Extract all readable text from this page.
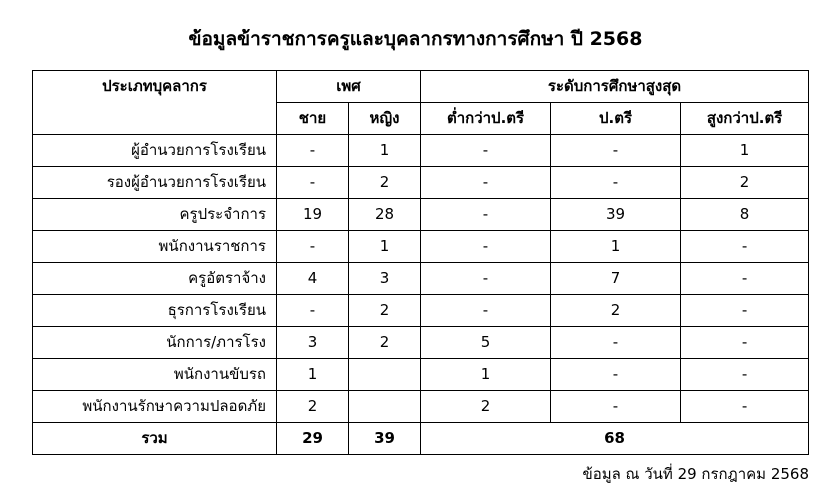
ข้อมูลข้าราชการครูและบุคลากรทางการศึกษา ปี 2568
ประเภทบุคลากร	เพศ		ระดับการศึกษาสูงสุด		
	ชาย	หญิง	ต่ำกว่าป.ตรี	ป.ตรี	สูงกว่าป.ตรี
ผู้อำนวยการโรงเรียน	-	1	-	-	1
รองผู้อำนวยการโรงเรียน	-	2	-	-	2
ครูประจำการ	19	28	-	39	8
พนักงานราชการ	-	1	-	1	-
ครูอัตราจ้าง	4	3	-	7	-
ธุรการโรงเรียน	-	2	-	2	-
นักการ/ภารโรง	3	2	5	-	-
พนักงานขับรถ	1		1	-	-
พนักงานรักษาความปลอดภัย	2		2	-	-
รวม	29	39	68		
ข้อมูล ณ วันที่ 29 กรกฎาคม 2568
